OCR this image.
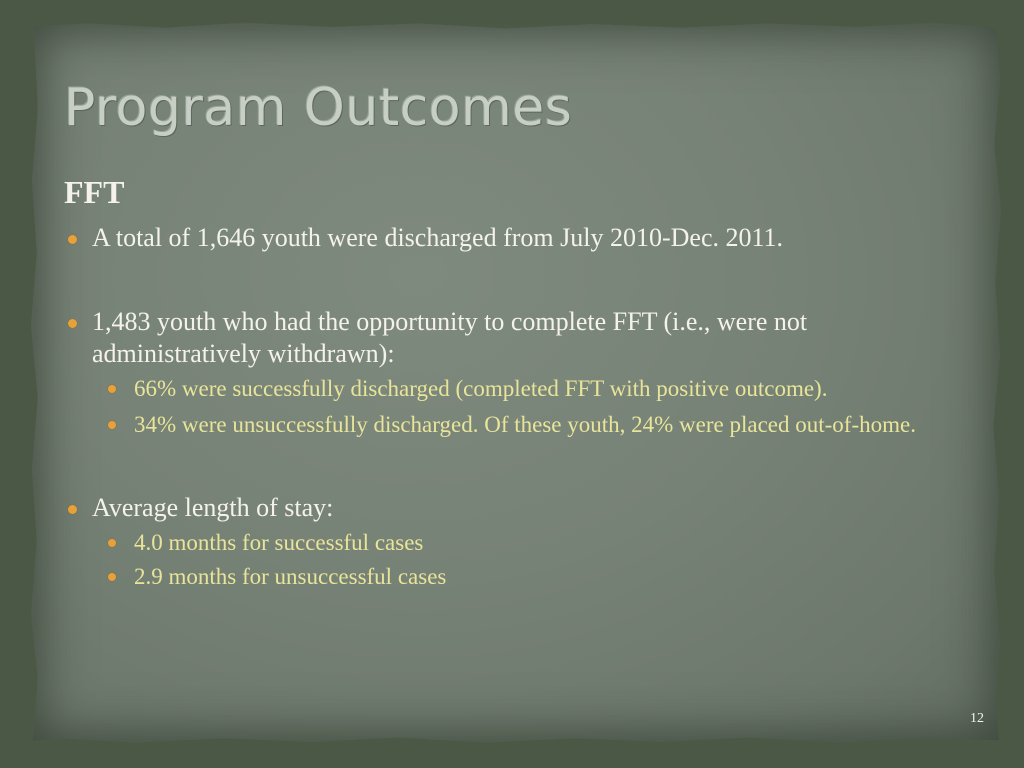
Program Outcomes
FFT
A total of 1,646 youth were discharged from July 2010-Dec. 2011.
1,483 youth who had the opportunity to complete FFT (i.e., were not administratively withdrawn):
66% were successfully discharged (completed FFT with positive outcome).
34% were unsuccessfully discharged. Of these youth, 24% were placed out-of-home.
Average length of stay:
4.0 months for successful cases
2.9 months for unsuccessful cases
12
